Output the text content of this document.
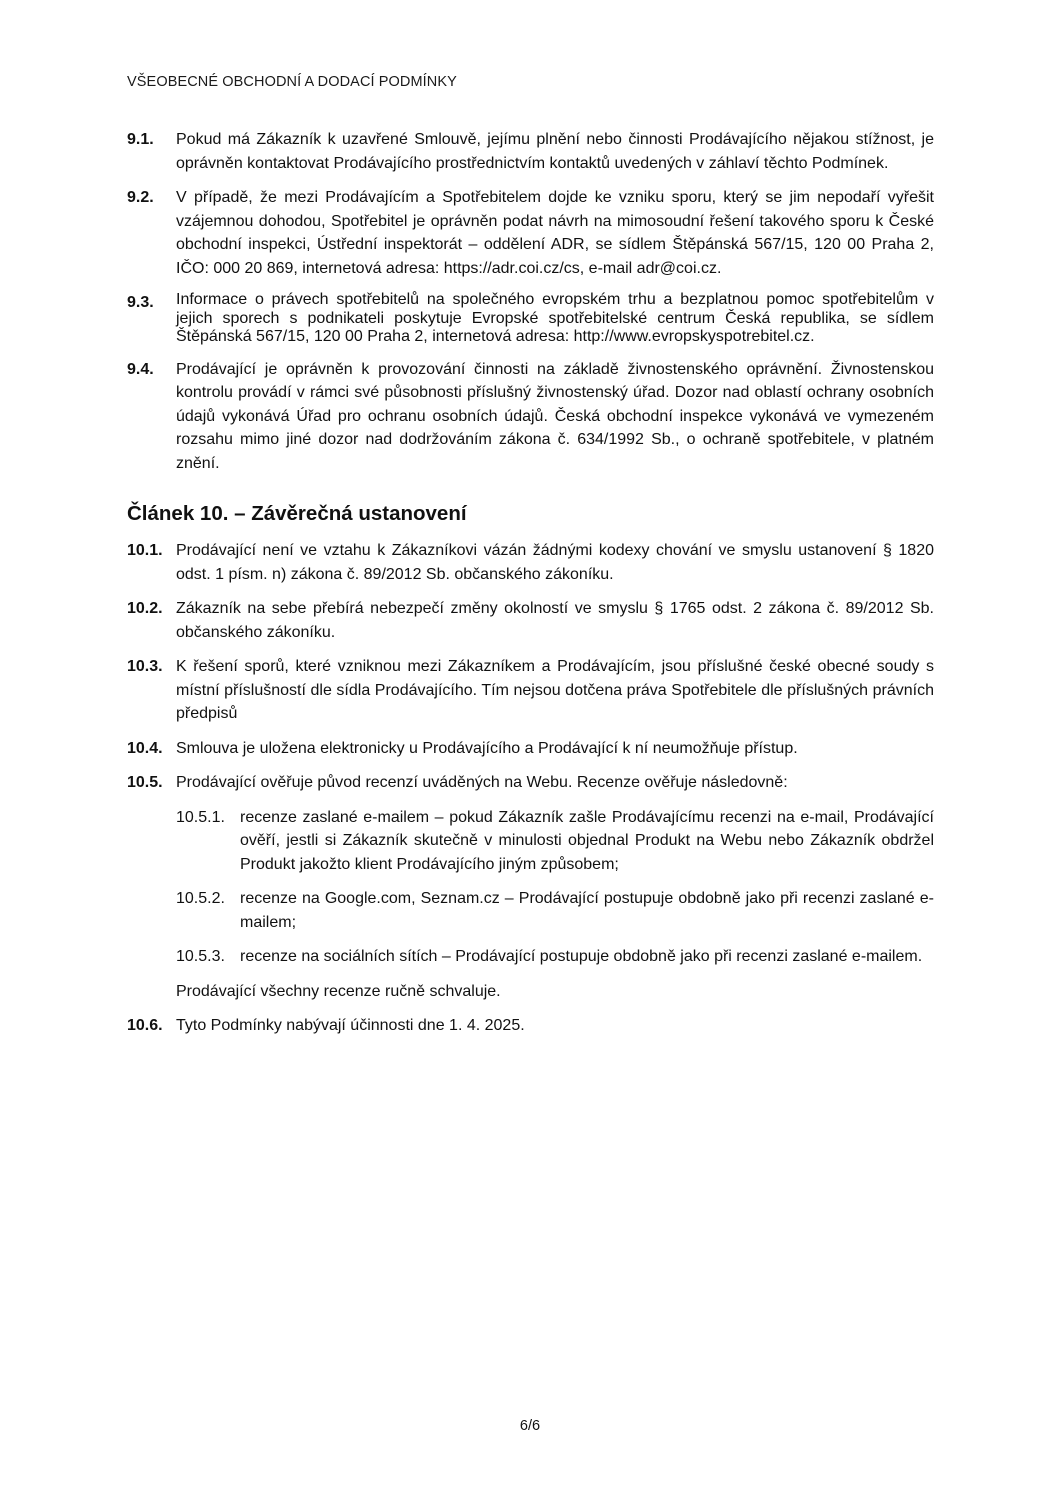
VŠEOBECNÉ OBCHODNÍ A DODACÍ PODMÍNKY
9.1.	Pokud má Zákazník k uzavřené Smlouvě, jejímu plnění nebo činnosti Prodávajícího nějakou stížnost, je oprávněn kontaktovat Prodávajícího prostřednictvím kontaktů uvedených v záhlaví těchto Podmínek.
9.2.	V případě, že mezi Prodávajícím a Spotřebitelem dojde ke vzniku sporu, který se jim nepodaří vyřešit vzájemnou dohodou, Spotřebitel je oprávněn podat návrh na mimosoudní řešení takového sporu k České obchodní inspekci, Ústřední inspektorát – oddělení ADR, se sídlem Štěpánská 567/15, 120 00 Praha 2, IČO: 000 20 869, internetová adresa: https://adr.coi.cz/cs, e-mail adr@coi.cz.
9.3.	Informace o právech spotřebitelů na společného evropském trhu a bezplatnou pomoc spotřebitelům v jejich sporech s podnikateli poskytuje Evropské spotřebitelské centrum Česká republika, se sídlem Štěpánská 567/15, 120 00 Praha 2, internetová adresa: http://www.evropskyspotrebitel.cz.
9.4.	Prodávající je oprávněn k provozování činnosti na základě živnostenského oprávnění. Živnostenskou kontrolu provádí v rámci své působnosti příslušný živnostenský úřad. Dozor nad oblastí ochrany osobních údajů vykonává Úřad pro ochranu osobních údajů. Česká obchodní inspekce vykonává ve vymezeném rozsahu mimo jiné dozor nad dodržováním zákona č. 634/1992 Sb., o ochraně spotřebitele, v platném znění.
Článek 10. – Závěrečná ustanovení
10.1. Prodávající není ve vztahu k Zákazníkovi vázán žádnými kodexy chování ve smyslu ustanovení § 1820 odst. 1 písm. n) zákona č. 89/2012 Sb. občanského zákoníku.
10.2. Zákazník na sebe přebírá nebezpečí změny okolností ve smyslu § 1765 odst. 2 zákona č. 89/2012 Sb. občanského zákoníku.
10.3. K řešení sporů, které vzniknou mezi Zákazníkem a Prodávajícím, jsou příslušné české obecné soudy s místní příslušností dle sídla Prodávajícího. Tím nejsou dotčena práva Spotřebitele dle příslušných právních předpisů
10.4. Smlouva je uložena elektronicky u Prodávajícího a Prodávající k ní neumožňuje přístup.
10.5. Prodávající ověřuje původ recenzí uváděných na Webu. Recenze ověřuje následovně:
10.5.1. recenze zaslané e-mailem – pokud Zákazník zašle Prodávajícímu recenzi na e-mail, Prodávající ověří, jestli si Zákazník skutečně v minulosti objednal Produkt na Webu nebo Zákazník obdržel Produkt jakožto klient Prodávajícího jiným způsobem;
10.5.2. recenze na Google.com, Seznam.cz – Prodávající postupuje obdobně jako při recenzi zaslané e-mailem;
10.5.3. recenze na sociálních sítích – Prodávající postupuje obdobně jako při recenzi zaslané e-mailem.
Prodávající všechny recenze ručně schvaluje.
10.6. Tyto Podmínky nabývají účinnosti dne 1. 4. 2025.
6/6
